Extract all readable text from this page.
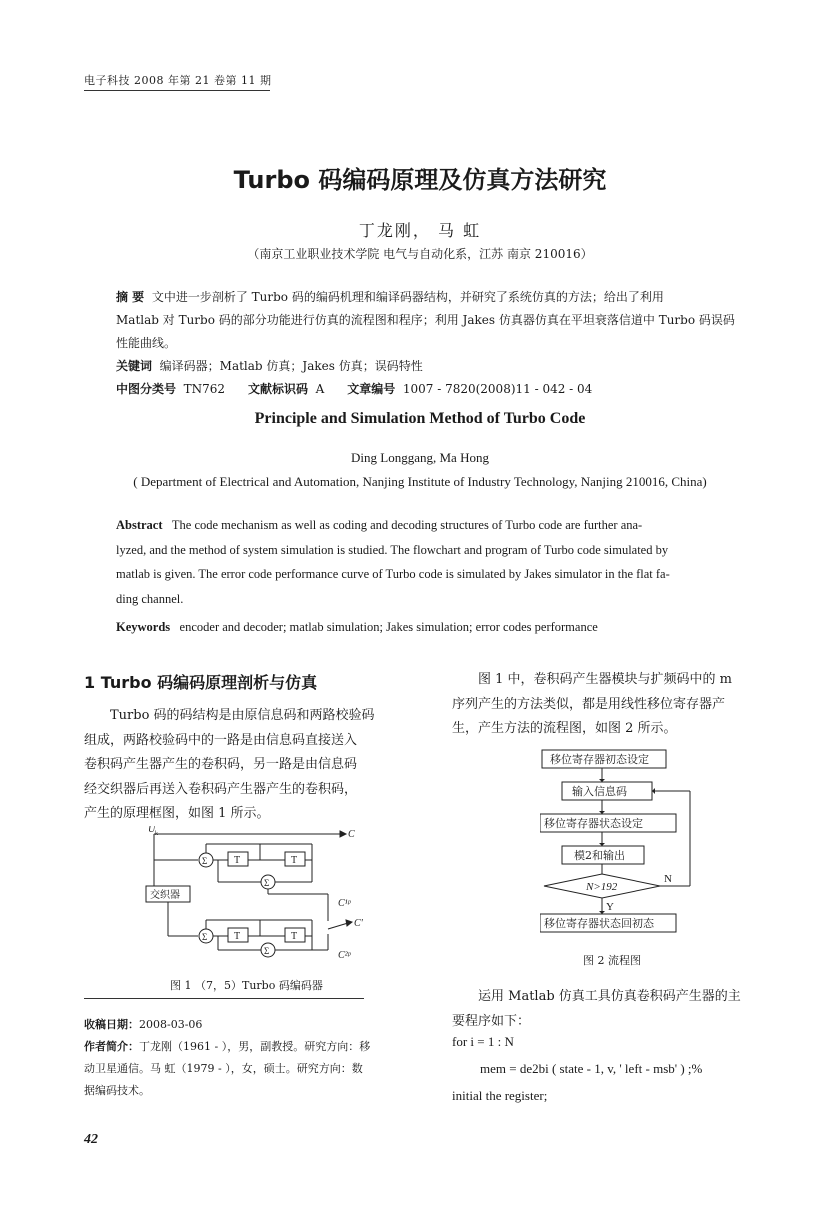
电子科技 2008 年第 21 卷第 11 期
Turbo 码编码原理及仿真方法研究
丁龙刚， 马 虹
（南京工业职业技术学院 电气与自动化系，江苏 南京 210016）
摘 要 文中进一步剖析了 Turbo 码的编码机理和编译码器结构，并研究了系统仿真的方法；给出了利用
Matlab 对 Turbo 码的部分功能进行仿真的流程图和程序；利用 Jakes 仿真器仿真在平坦衰落信道中 Turbo 码误码
性能曲线。
关键词 编译码器；Matlab 仿真；Jakes 仿真；误码特性
中图分类号 TN762 文献标识码 A 文章编号 1007 - 7820(2008)11 - 042 - 04
Principle and Simulation Method of Turbo Code
Ding Longgang, Ma Hong
( Department of Electrical and Automation, Nanjing Institute of Industry Technology, Nanjing 210016, China)
Abstract The code mechanism as well as coding and decoding structures of Turbo code are further ana-
lyzed, and the method of system simulation is studied. The flowchart and program of Turbo code simulated by
matlab is given. The error code performance curve of Turbo code is simulated by Jakes simulator in the flat fa-
ding channel.
Keywords encoder and decoder; matlab simulation; Jakes simulation; error codes performance
1 Turbo 码编码原理剖析与仿真
Turbo 码的码结构是由原信息码和两路校验码
组成，两路校验码中的一路是由信息码直接送入
卷积码产生器产生的卷积码，另一路是由信息码
经交织器后再送入卷积码产生器产生的卷积码，
产生的原理框图，如图 1 所示。
U k	C
T	T
T	T
Σ
Σ
Σ
Σ
交织器
C¹ᵖ
C'
C²ᵖ
图 1 （7，5）Turbo 码编码器
收稿日期：2008-03-06
作者简介：丁龙刚（1961 - ），男，副教授。研究方向：移
动卫星通信。马 虹（1979 - ），女，硕士。研究方向：数
据编码技术。
图 1 中，卷积码产生器模块与扩频码中的 m
序列产生的方法类似，都是用线性移位寄存器产
生，产生方法的流程图，如图 2 所示。
移位寄存器初态设定
输入信息码
移位寄存器状态设定
模2和输出
N>192
移位寄存器状态回初态
N
Y
图 2 流程图
运用 Matlab 仿真工具仿真卷积码产生器的主
要程序如下：
for i = 1 : N
mem = de2bi ( state - 1, v, ' left - msb' ) ;%
initial the register;
42
